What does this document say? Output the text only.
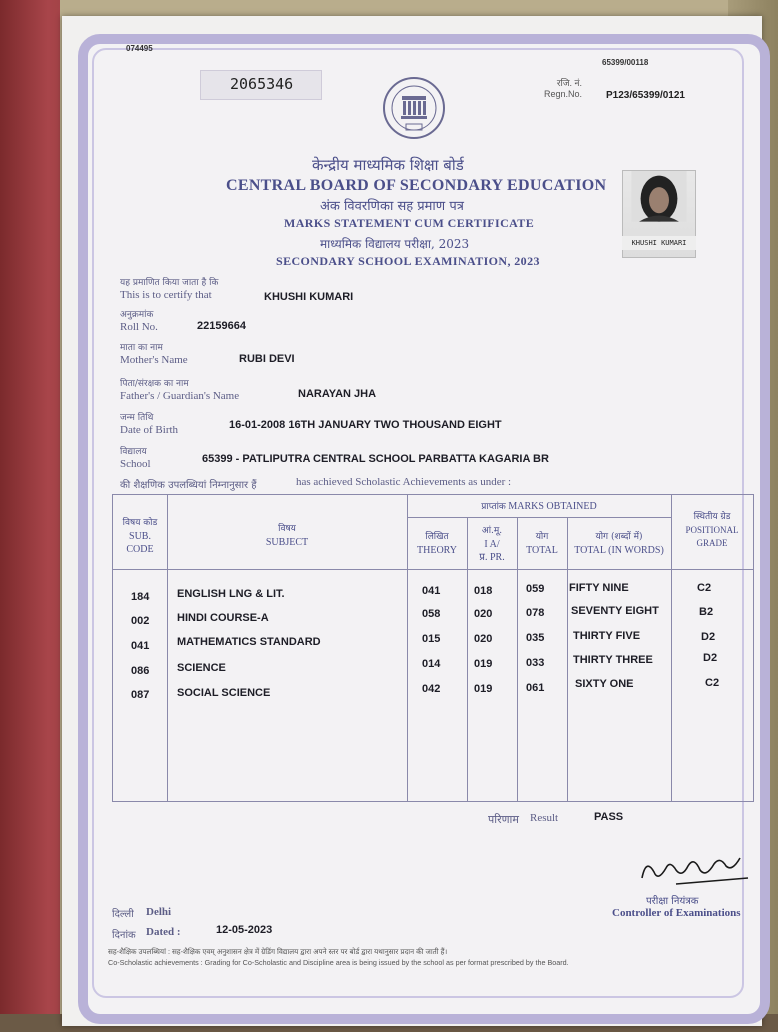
074495
65399/00118
2065346	रजि. नं.
Regn.No. P123/65399/0121
केन्द्रीय माध्यमिक शिक्षा बोर्ड
CENTRAL BOARD OF SECONDARY EDUCATION
अंक विवरणिका सह प्रमाण पत्र
MARKS STATEMENT CUM CERTIFICATE
माध्यमिक विद्यालय परीक्षा, 2023
SECONDARY SCHOOL EXAMINATION, 2023
KHUSHI KUMARI
यह प्रमाणित किया जाता है कि
This is to certify that	KHUSHI KUMARI
अनुक्रमांक
Roll No.	22159664
माता का नाम
Mother's Name	RUBI DEVI
पिता/संरक्षक का नाम
Father's / Guardian's Name	NARAYAN JHA
जन्म तिथि
Date of Birth	16-01-2008 16TH JANUARY TWO THOUSAND EIGHT
विद्यालय
School	65399 - PATLIPUTRA CENTRAL SCHOOL PARBATTA KAGARIA BR
की शैक्षणिक उपलब्धियां निम्नानुसार हैं	has achieved Scholastic Achievements as under :
विषय कोड
SUB.
CODE
विषय
SUBJECT
प्राप्तांक MARKS OBTAINED
लिखित
THEORY
आं.मू.
I A/
प्र. PR.
योग
TOTAL
योग (शब्दों में)
TOTAL (IN WORDS)
स्थितीय ग्रेड
POSITIONAL
GRADE
184	ENGLISH LNG & LIT.	041	018	059 FIFTY NINE	C2
002	HINDI COURSE-A	058	020	078 SEVENTY EIGHT	B2
041	MATHEMATICS STANDARD	015	020	035	THIRTY FIVE	D2
086	SCIENCE	014	019	033	THIRTY THREE	D2
087	SOCIAL SCIENCE	042	019	061	SIXTY ONE	C2
परिणाम Result	PASS
परीक्षा नियंत्रक
Controller of Examinations
दिल्ली Delhi
दिनांक Dated :	12-05-2023
सह-शैक्षिक उपलब्धियां : सह-शैक्षिक एवम् अनुशासन क्षेत्र में ग्रेडिंग विद्यालय द्वारा अपने स्तर पर बोर्ड द्वारा यथानुसार प्रदान की जाती हैं।
Co-Scholastic achievements : Grading for Co-Scholastic and Discipline area is being issued by the school as per format prescribed by the Board.
